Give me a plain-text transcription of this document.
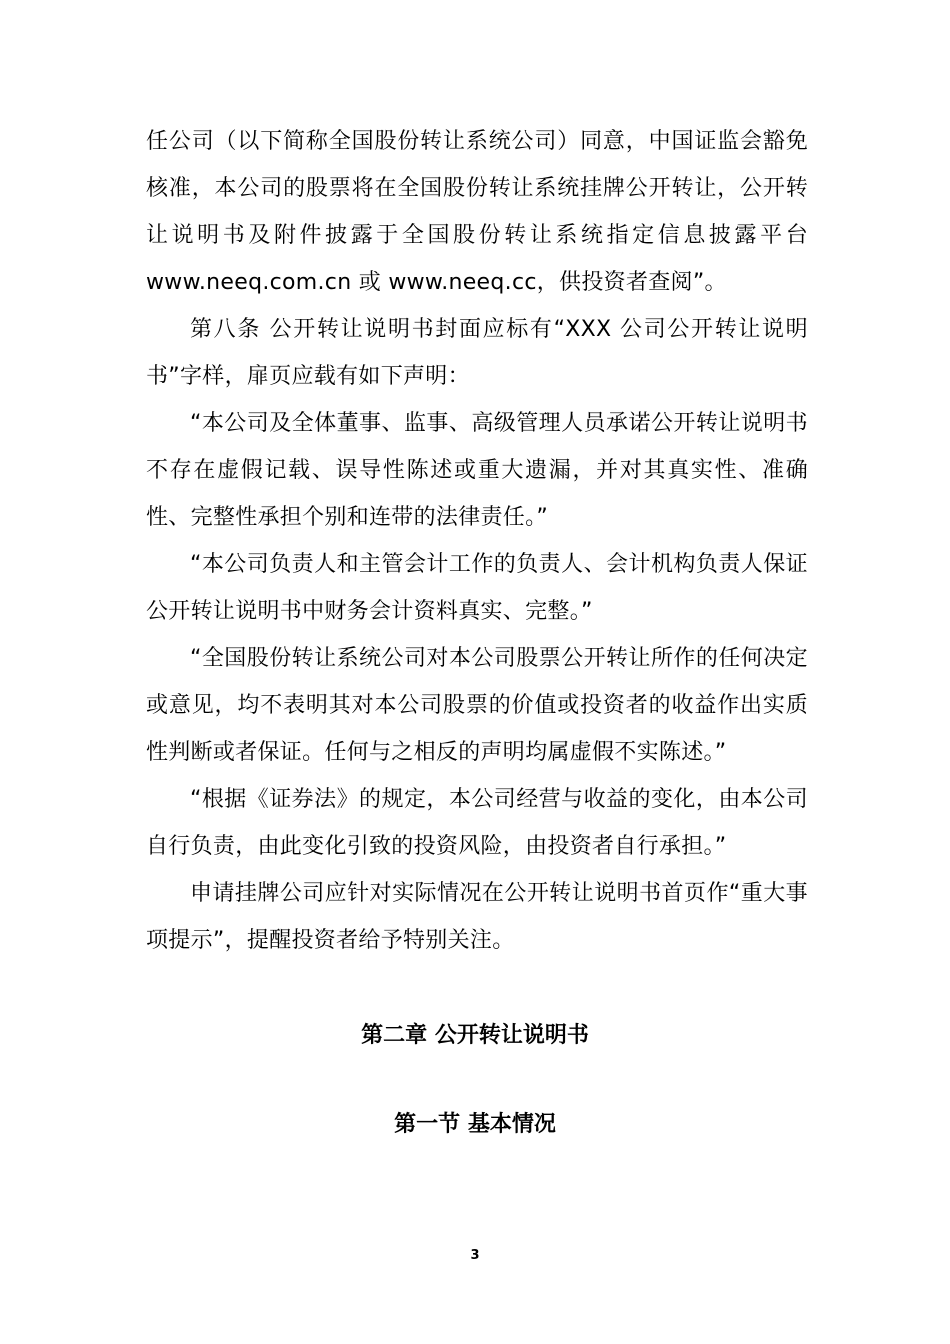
任公司（以下简称全国股份转让系统公司）同意，中国证监会豁免核准，本公司的股票将在全国股份转让系统挂牌公开转让，公开转让说明书及附件披露于全国股份转让系统指定信息披露平台 www.neeq.com.cn 或 www.neeq.cc，供投资者查阅”。

第八条 公开转让说明书封面应标有“XXX 公司公开转让说明书”字样，扉页应载有如下声明：

“本公司及全体董事、监事、高级管理人员承诺公开转让说明书不存在虚假记载、误导性陈述或重大遗漏，并对其真实性、准确性、完整性承担个别和连带的法律责任。”

“本公司负责人和主管会计工作的负责人、会计机构负责人保证公开转让说明书中财务会计资料真实、完整。”

“全国股份转让系统公司对本公司股票公开转让所作的任何决定或意见，均不表明其对本公司股票的价值或投资者的收益作出实质性判断或者保证。任何与之相反的声明均属虚假不实陈述。”

“根据《证券法》的规定，本公司经营与收益的变化，由本公司自行负责，由此变化引致的投资风险，由投资者自行承担。”

申请挂牌公司应针对实际情况在公开转让说明书首页作“重大事项提示”，提醒投资者给予特别关注。

第二章 公开转让说明书
第一节 基本情况
3
